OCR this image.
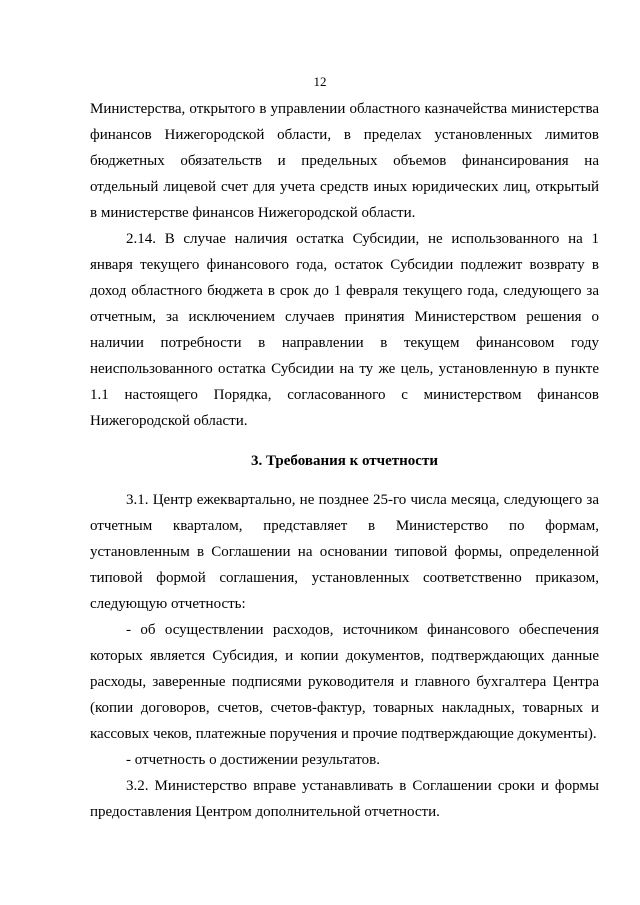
12

Министерства, открытого в управлении областного казначейства министерства финансов Нижегородской области, в пределах установленных лимитов бюджетных обязательств и предельных объемов финансирования на отдельный лицевой счет для учета средств иных юридических лиц, открытый в министерстве финансов Нижегородской области.

2.14. В случае наличия остатка Субсидии, не использованного на 1 января текущего финансового года, остаток Субсидии подлежит возврату в доход областного бюджета в срок до 1 февраля текущего года, следующего за отчетным, за исключением случаев принятия Министерством решения о наличии потребности в направлении в текущем финансовом году неиспользованного остатка Субсидии на ту же цель, установленную в пункте 1.1 настоящего Порядка, согласованного с министерством финансов Нижегородской области.

3. Требования к отчетности

3.1. Центр ежеквартально, не позднее 25-го числа месяца, следующего за отчетным кварталом, представляет в Министерство по формам, установленным в Соглашении на основании типовой формы, определенной типовой формой соглашения, установленных соответственно приказом, следующую отчетность:

- об осуществлении расходов, источником финансового обеспечения которых является Субсидия, и копии документов, подтверждающих данные расходы, заверенные подписями руководителя и главного бухгалтера Центра (копии договоров, счетов, счетов-фактур, товарных накладных, товарных и кассовых чеков, платежные поручения и прочие подтверждающие документы).

- отчетность о достижении результатов.

3.2. Министерство вправе устанавливать в Соглашении сроки и формы предоставления Центром дополнительной отчетности.
